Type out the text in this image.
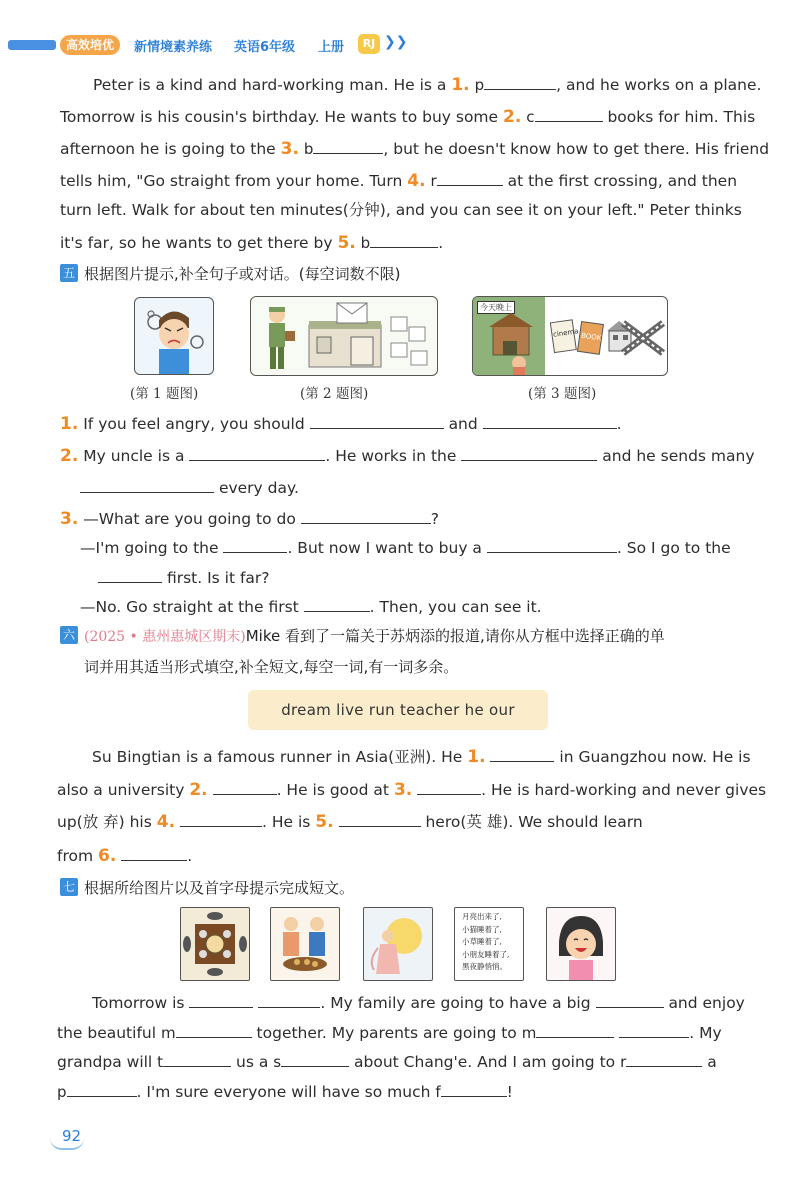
高效培优	新情境素养练 英语6年级 上册	RJ ❯❯
Peter is a kind and hard-working man. He is a 1. p	, and he works on a plane.
Tomorrow is his cousin's birthday. He wants to buy some 2. c	books for him. This
afternoon he is going to the 3. b	, but he doesn't know how to get there. His friend
tells him, "Go straight from your home. Turn 4. r	at the first crossing, and then
turn left. Walk for about ten minutes(分钟), and you can see it on your left." Peter thinks
it's far, so he wants to get there by 5. b	.
五 根据图片提示,补全句子或对话。(每空词数不限)
今天晚上
cinema BOOK
(第 1 题图)	(第 2 题图)	(第 3 题图)
1. If you feel angry, you should	and	.
2. My uncle is a	. He works in the	and he sends many
every day.
3. —What are you going to do	?
—I'm going to the	. But now I want to buy a	. So I go to the
first. Is it far?
—No. Go straight at the first	. Then, you can see it.
六 (2025 • 惠州惠城区期末)Mike 看到了一篇关于苏炳添的报道,请你从方框中选择正确的单
词并用其适当形式填空,补全短文,每空一词,有一词多余。
dream live run teacher he our
Su Bingtian is a famous runner in Asia(亚洲). He 1.	in Guangzhou now. He is
also a university 2.	. He is good at 3.	. He is hard-working and never gives
up(放 弃) his 4.	. He is 5.	hero(英 雄). We should learn
from 6.	.
七 根据所给图片以及首字母提示完成短文。
月亮出来了,
小猫睡着了,
小草睡着了,
小朋友睡着了,
黑夜静悄悄。
Tomorrow is	. My family are going to have a big	and enjoy
the beautiful m	together. My parents are going to m	. My
grandpa will t	us a s	about Chang'e. And I am going to r	a
p	. I'm sure everyone will have so much f	!
92
